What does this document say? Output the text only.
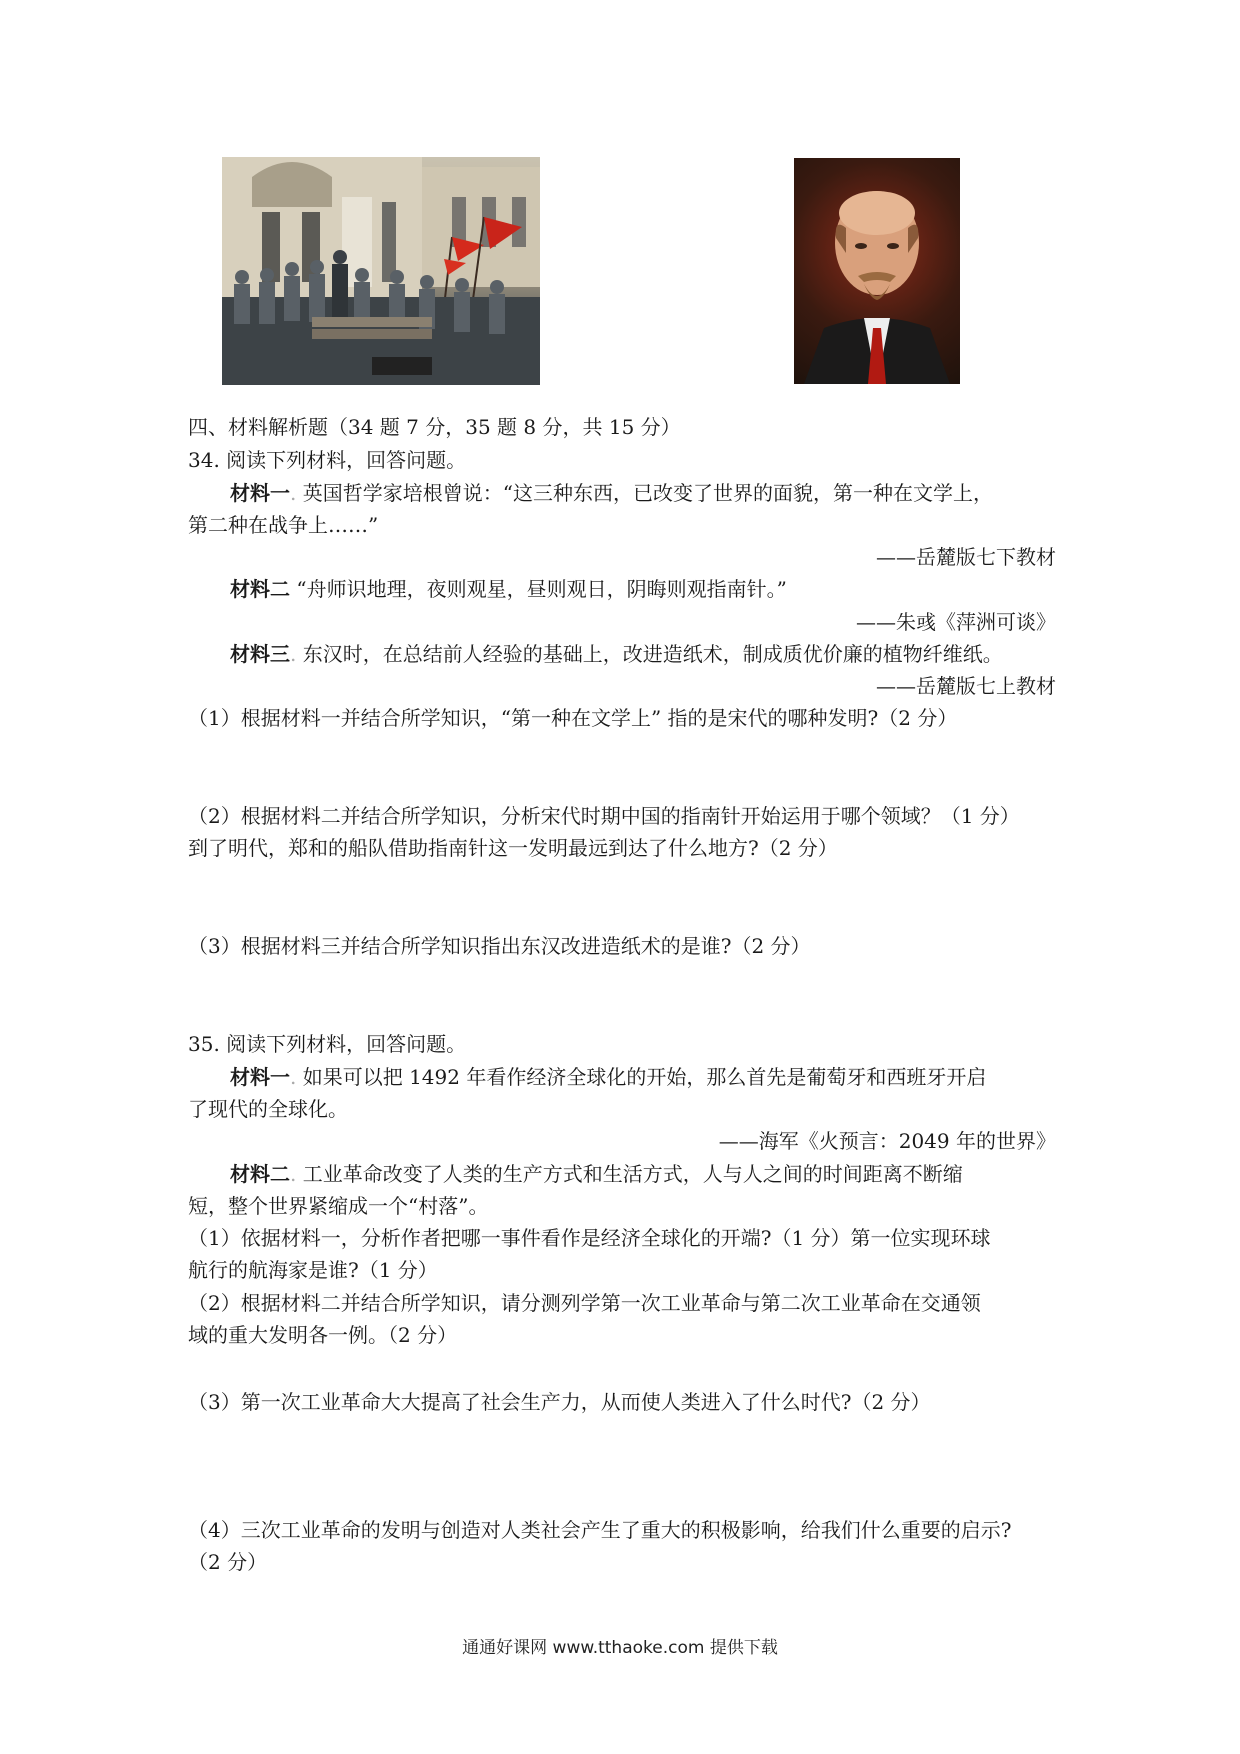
四、材料解析题（34 题 7 分，35 题 8 分，共 15 分）
34. 阅读下列材料，回答问题。
材料一. 英国哲学家培根曾说：“这三种东西，已改变了世界的面貌，第一种在文学上，
第二种在战争上……”
——岳麓版七下教材
材料二 “舟师识地理，夜则观星，昼则观日，阴晦则观指南针。”
——朱彧《萍洲可谈》
材料三. 东汉时，在总结前人经验的基础上，改进造纸术，制成质优价廉的植物纤维纸。
——岳麓版七上教材
（1）根据材料一并结合所学知识，“第一种在文学上” 指的是宋代的哪种发明?（2 分）
（2）根据材料二并结合所学知识，分析宋代时期中国的指南针开始运用于哪个领域？（1 分）
到了明代，郑和的船队借助指南针这一发明最远到达了什么地方?（2 分）
（3）根据材料三并结合所学知识指出东汉改进造纸术的是谁?（2 分）
35. 阅读下列材料，回答问题。
材料一. 如果可以把 1492 年看作经济全球化的开始，那么首先是葡萄牙和西班牙开启
了现代的全球化。
——海军《火预言：2049 年的世界》
材料二. 工业革命改变了人类的生产方式和生活方式，人与人之间的时间距离不断缩
短，整个世界紧缩成一个“村落”。
（1）依据材料一，分析作者把哪一事件看作是经济全球化的开端?（1 分）第一位实现环球
航行的航海家是谁?（1 分）
（2）根据材料二并结合所学知识，请分测列学第一次工业革命与第二次工业革命在交通领
域的重大发明各一例。（2 分）
（3）第一次工业革命大大提高了社会生产力，从而使人类进入了什么时代?（2 分）
（4）三次工业革命的发明与创造对人类社会产生了重大的积极影响，给我们什么重要的启示?
（2 分）
通通好课网 www.tthaoke.com 提供下载
